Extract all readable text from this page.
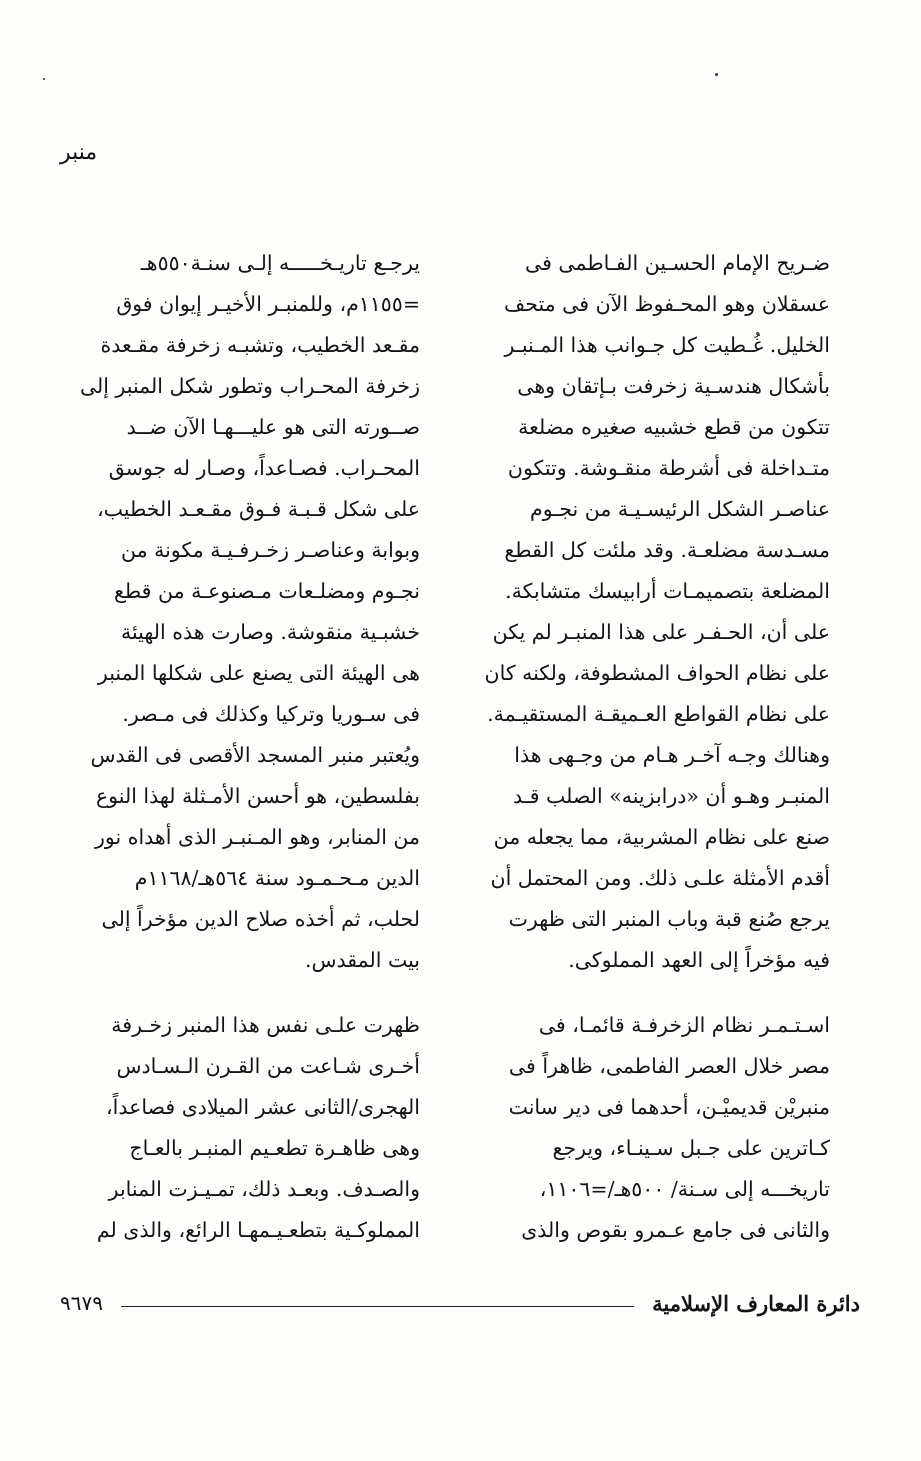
منبر

ضـريح الإمام الحسـين الفـاطمى فى
عسقلان وهو المحـفوظ الآن فى متحف
الخليل. غُـطيت كل جـوانب هذا المـنبـر
بأشكال هندسـية زخرفت بـإتقان وهى
تتكون من قطع خشبيه صغيره مضلعة
متـداخلة فى أشرطة منقـوشة. وتتكون
عناصـر الشكل الرئيسـيـة من نجـوم
مسـدسة مضلعـة. وقد ملئت كل القطع
المضلعة بتصميمـات أرابيسك متشابكة.
على أن، الحـفـر على هذا المنبـر لم يكن
على نظام الحواف المشطوفة، ولكنه كان
على نظام القواطع العـميقـة المستقيـمة.
وهنالك وجـه آخـر هـام من وجـهى هذا
المنبـر وهـو أن «درابزينه» الصلب قـد
صنع على نظام المشربية، مما يجعله من
أقدم الأمثلة علـى ذلك. ومن المحتمل أن
يرجع صُنع قبة وباب المنبر التى ظهرت
فيه مؤخراً إلى العهد المملوكى.

اسـتـمـر نظام الزخرفـة قائمـا، فى
مصر خلال العصر الفاطمى، ظاهراً فى
منبريْن قديميْـن، أحدهما فى دير سانت
كـاترين على جـبل سـينـاء، ويرجع
تاريخـــه إلى سـنة/ ٥٠٠هـ/=١١٠٦،
والثانى فى جامع عـمرو بقوص والذى

يرجـع تاريـخـــــه إلـى سنـة٥٥٠هـ
=١١٥٥م، وللمنبـر الأخيـر إيوان فوق
مقـعد الخطيب، وتشبـه زخرفة مقـعدة
زخرفة المحـراب وتطور شكل المنبر إلى
صــورته التى هو عليـــهـا الآن ضــد
المحـراب. فصـاعداً، وصـار له جوسق
على شكل قـبـة فـوق مقـعـد الخطيب،
وبوابة وعناصـر زخـرفـيـة مكونة من
نجـوم ومضلـعات مـصنوعـة من قطع
خشبـية منقوشة. وصارت هذه الهيئة
هى الهيئة التى يصنع على شكلها المنبر
فى سـوريا وتركيا وكذلك فى مـصر.
ويُعتبر منبر المسجد الأقصى فى القدس
بفلسطين، هو أحسن الأمـثلة لهذا النوع
من المنابر، وهو المـنبـر الذى أهداه نور
الدين مـحـمـود سنة ٥٦٤هـ/١١٦٨م
لحلب، ثم أخذه صلاح الدين مؤخراً إلى
بيت المقدس.

ظهرت علـى نفس هذا المنبر زخـرفة
أخـرى شـاعت من القـرن الـسـادس
الهجرى/الثانى عشر الميلادى فصاعداً،
وهى ظاهـرة تطعـيم المنبـر بالعـاج
والصـدف. وبعـد ذلك، تمـيـزت المنابر
المملوكـية بتطعـيـمهـا الرائع، والذى لم

دائرة المعارف الإسلامية
٩٦٧٩
